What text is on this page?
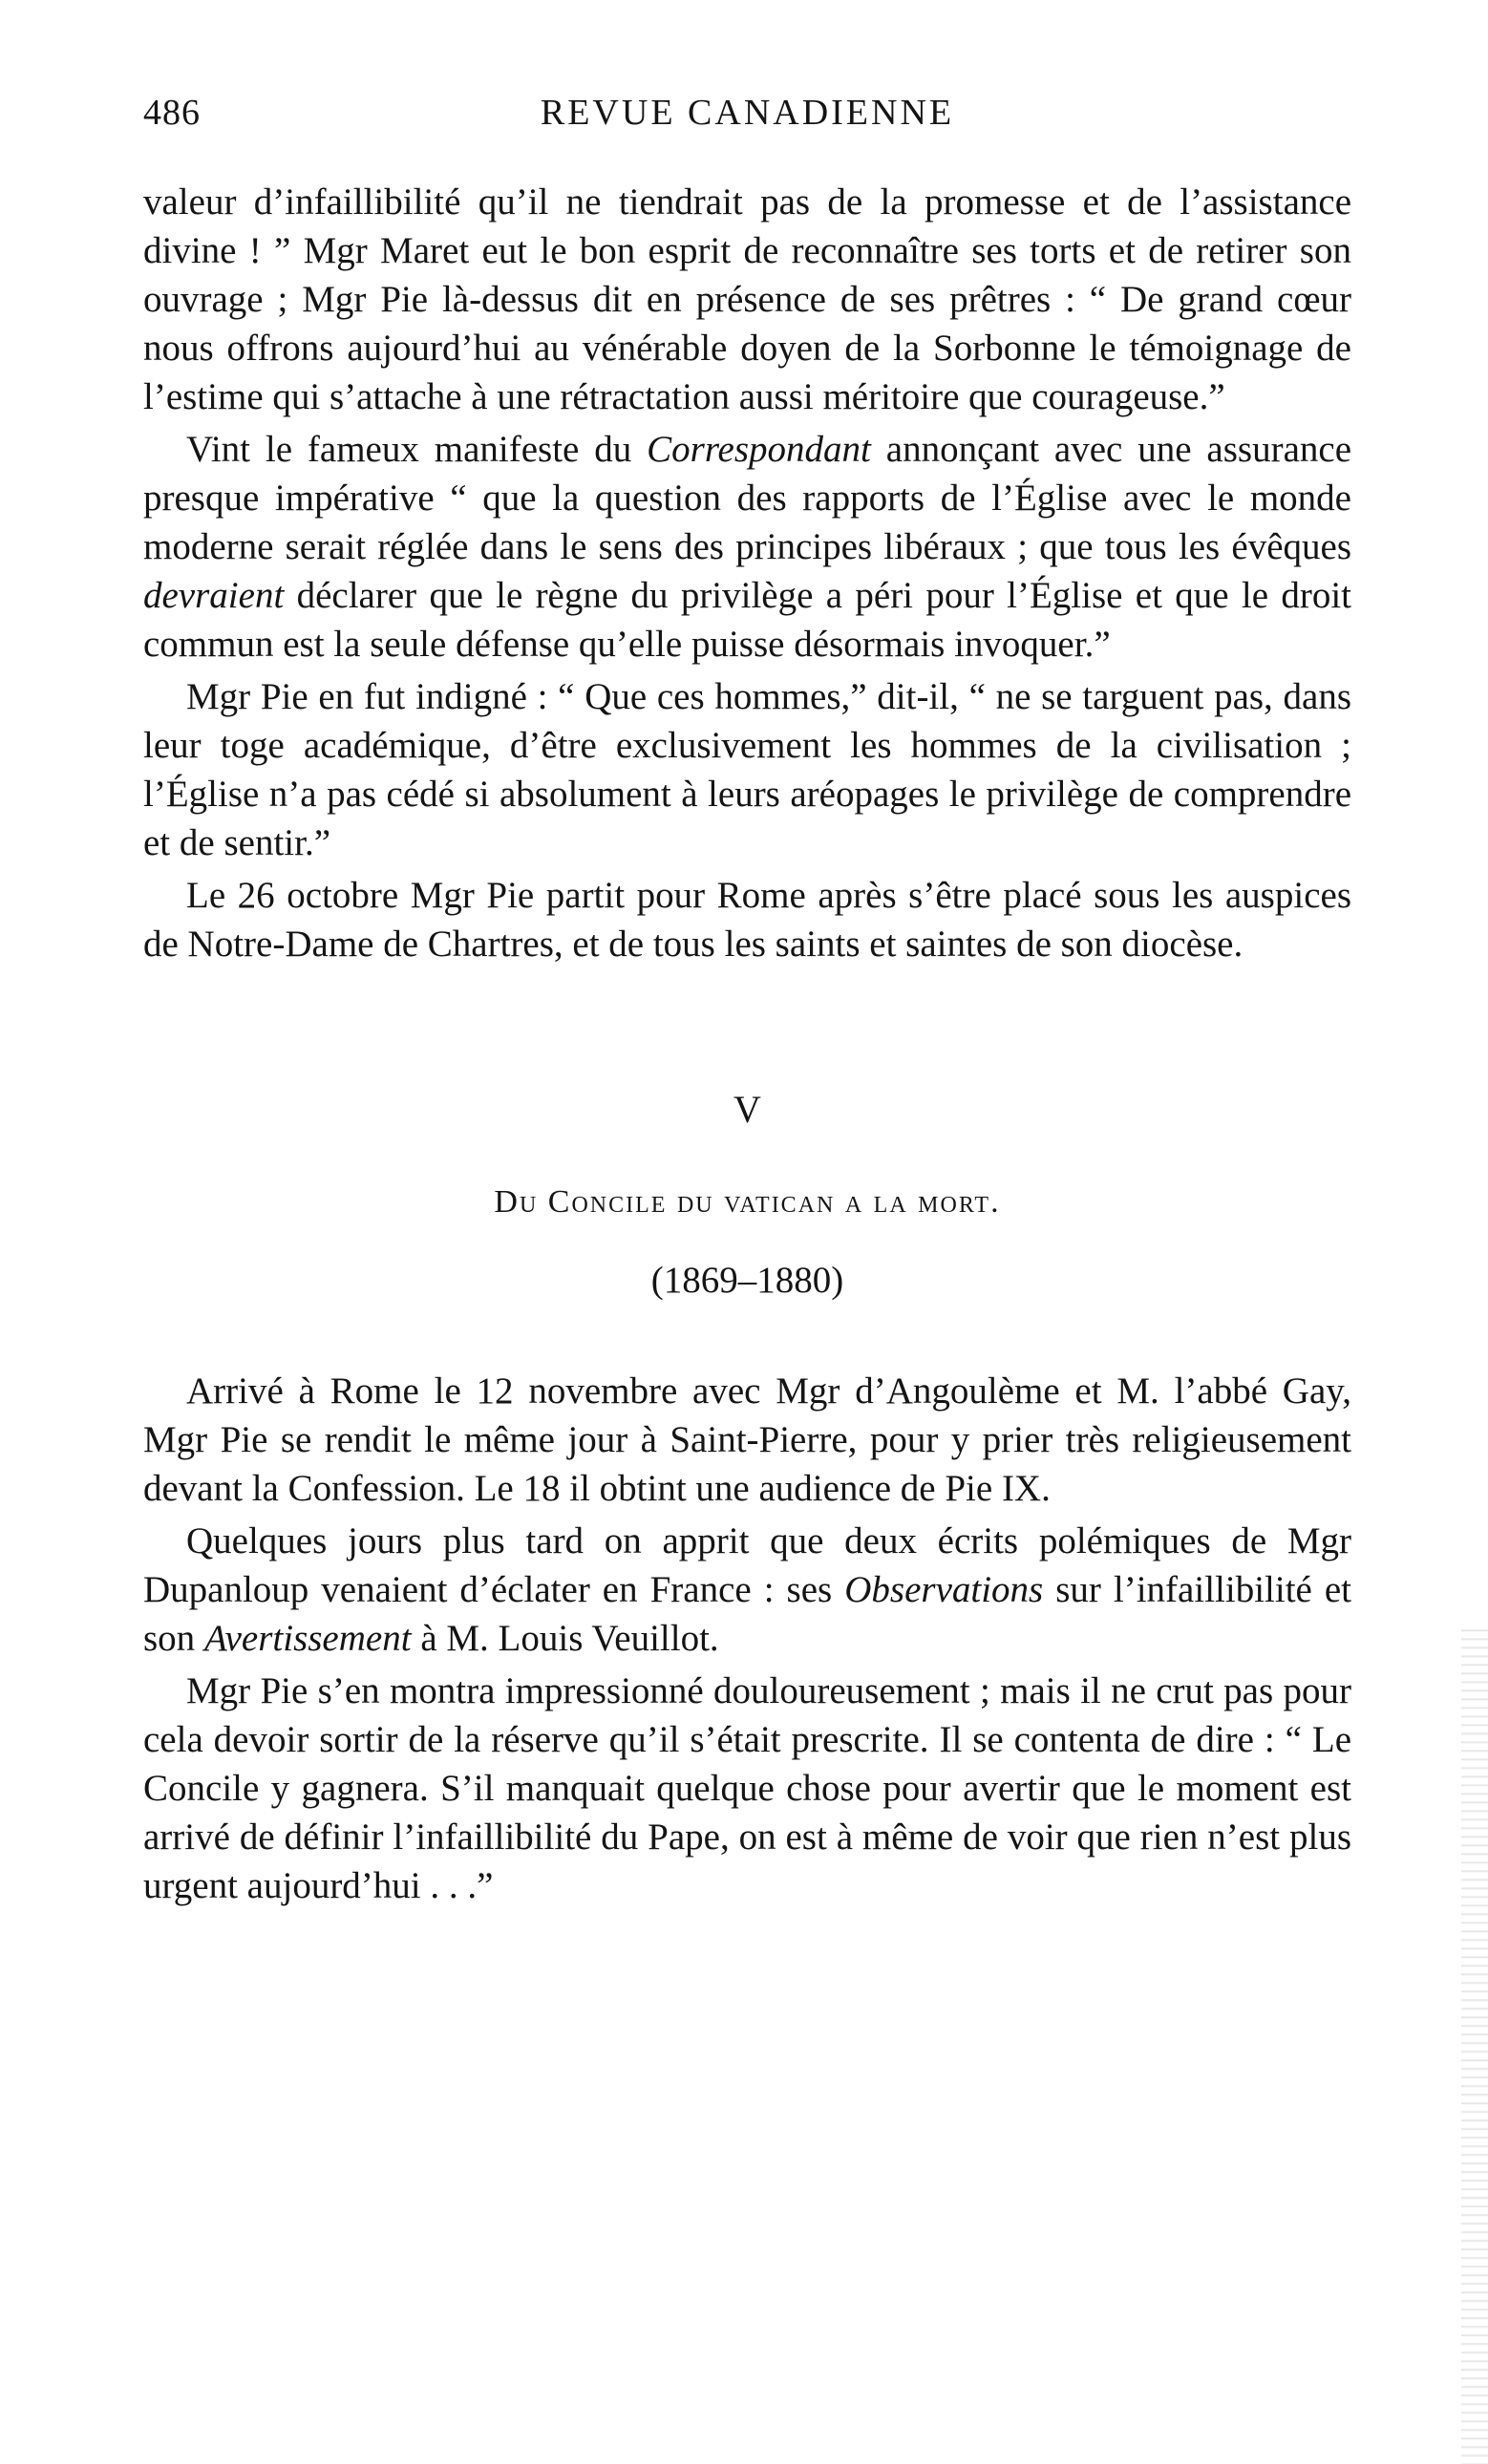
486	REVUE CANADIENNE

valeur d’infaillibilité qu’il ne tiendrait pas de la promesse et de l’assistance divine ! ” Mgr Maret eut le bon esprit de reconnaître ses torts et de retirer son ouvrage ; Mgr Pie là-dessus dit en présence de ses prêtres : “ De grand cœur nous offrons aujourd’hui au vénérable doyen de la Sorbonne le témoignage de l’estime qui s’attache à une rétractation aussi méritoire que courageuse.”

Vint le fameux manifeste du Correspondant annonçant avec une assurance presque impérative “ que la question des rapports de l’Église avec le monde moderne serait réglée dans le sens des principes libéraux ; que tous les évêques devraient déclarer que le règne du privilège a péri pour l’Église et que le droit commun est la seule défense qu’elle puisse désormais invoquer.”

Mgr Pie en fut indigné : “ Que ces hommes,” dit-il, “ ne se targuent pas, dans leur toge académique, d’être exclusivement les hommes de la civilisation ; l’Église n’a pas cédé si absolument à leurs aréopages le privilège de comprendre et de sentir.”

Le 26 octobre Mgr Pie partit pour Rome après s’être placé sous les auspices de Notre-Dame de Chartres, et de tous les saints et saintes de son diocèse.

V
Du Concile du vatican a la mort.
(1869–1880)

Arrivé à Rome le 12 novembre avec Mgr d’Angoulème et M. l’abbé Gay, Mgr Pie se rendit le même jour à Saint-Pierre, pour y prier très religieusement devant la Confession. Le 18 il obtint une audience de Pie IX.

Quelques jours plus tard on apprit que deux écrits polémiques de Mgr Dupanloup venaient d’éclater en France : ses Observations sur l’infaillibilité et son Avertissement à M. Louis Veuillot.

Mgr Pie s’en montra impressionné douloureusement ; mais il ne crut pas pour cela devoir sortir de la réserve qu’il s’était prescrite. Il se contenta de dire : “ Le Concile y gagnera. S’il manquait quelque chose pour avertir que le moment est arrivé de définir l’infaillibilité du Pape, on est à même de voir que rien n’est plus urgent aujourd’hui . . .”
